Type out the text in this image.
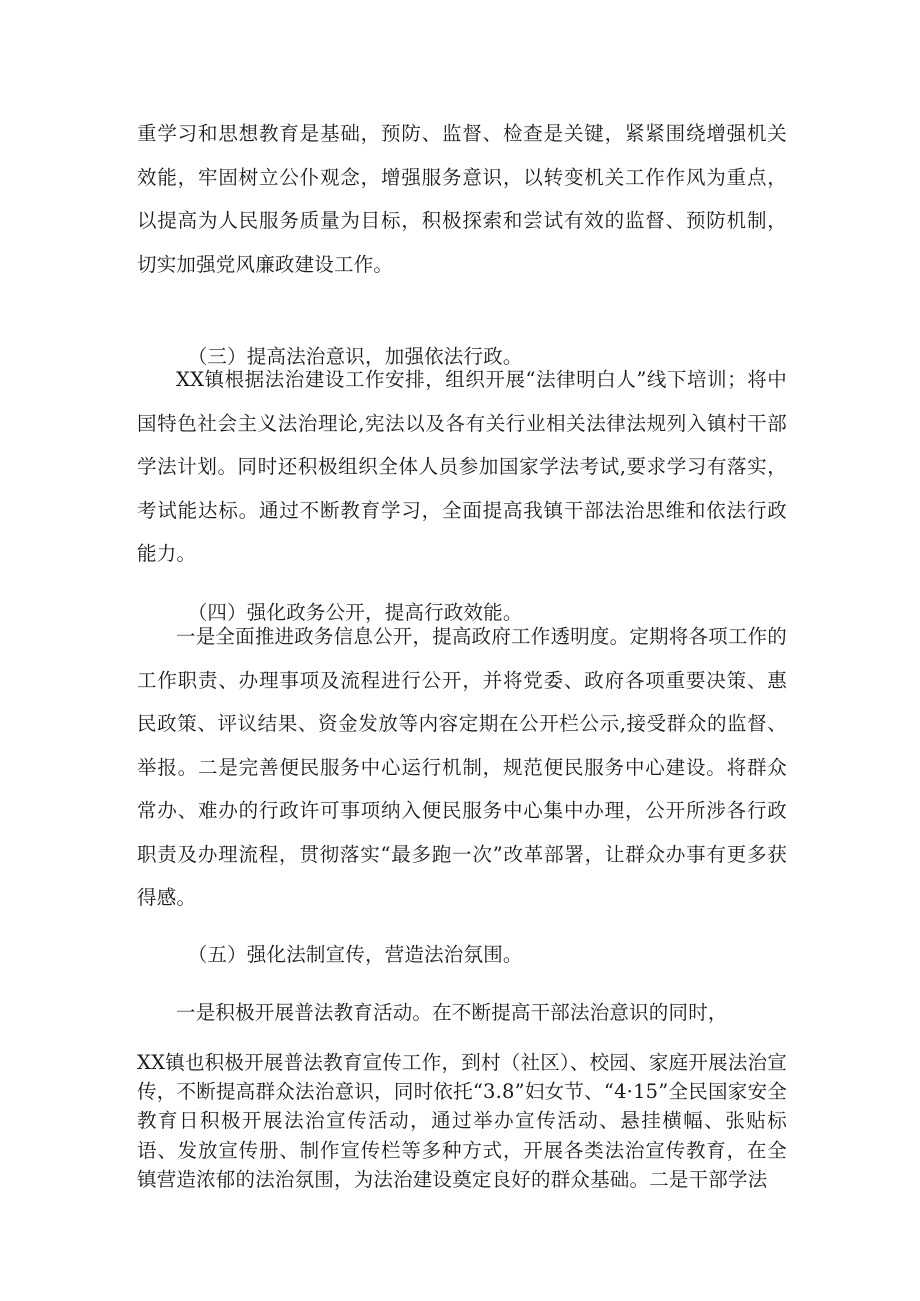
重学习和思想教育是基础，预防、监督、检查是关键，紧紧围绕增强机关效能，牢固树立公仆观念，增强服务意识，以转变机关工作作风为重点，以提高为人民服务质量为目标，积极探索和尝试有效的监督、预防机制，切实加强党风廉政建设工作。

（三）提高法治意识，加强依法行政。

XX镇根据法治建设工作安排，组织开展“法律明白人”线下培训；将中国特色社会主义法治理论,宪法以及各有关行业相关法律法规列入镇村干部学法计划。同时还积极组织全体人员参加国家学法考试,要求学习有落实，考试能达标。通过不断教育学习，全面提高我镇干部法治思维和依法行政能力。

（四）强化政务公开，提高行政效能。

一是全面推进政务信息公开，提高政府工作透明度。定期将各项工作的工作职责、办理事项及流程进行公开，并将党委、政府各项重要决策、惠民政策、评议结果、资金发放等内容定期在公开栏公示,接受群众的监督、举报。二是完善便民服务中心运行机制，规范便民服务中心建设。将群众常办、难办的行政许可事项纳入便民服务中心集中办理，公开所涉各行政职责及办理流程，贯彻落实“最多跑一次”改革部署，让群众办事有更多获得感。

（五）强化法制宣传，营造法治氛围。

一是积极开展普法教育活动。在不断提高干部法治意识的同时，

XX镇也积极开展普法教育宣传工作，到村（社区）、校园、家庭开展法治宣传，不断提高群众法治意识，同时依托“3.8”妇女节、“4·15”全民国家安全教育日积极开展法治宣传活动，通过举办宣传活动、悬挂横幅、张贴标语、发放宣传册、制作宣传栏等多种方式，开展各类法治宣传教育，在全镇营造浓郁的法治氛围，为法治建设奠定良好的群众基础。二是干部学法
